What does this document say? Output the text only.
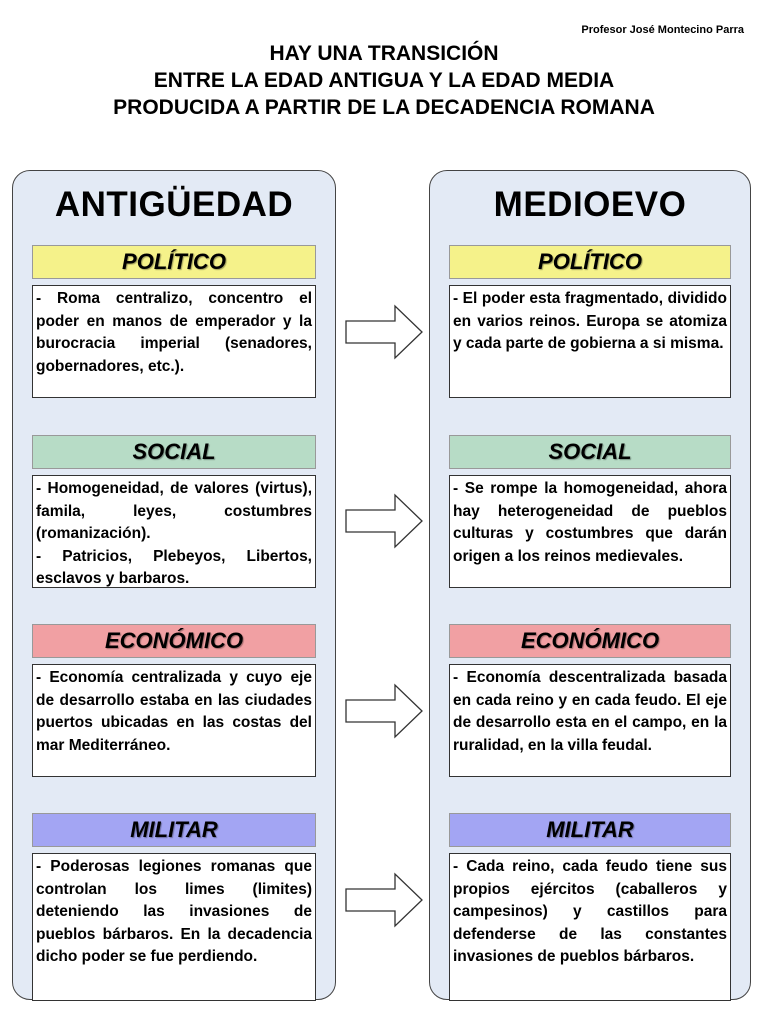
Profesor José Montecino Parra
HAY UNA TRANSICIÓN
ENTRE LA EDAD ANTIGUA Y LA EDAD MEDIA
PRODUCIDA A PARTIR DE LA DECADENCIA ROMANA
ANTIGÜEDAD
POLÍTICO
- Roma centralizo, concentro el poder en manos de emperador y la burocracia imperial (senadores, gobernadores, etc.).
SOCIAL
- Homogeneidad, de valores (virtus), famila, leyes, costumbres (romanización).
- Patricios, Plebeyos, Libertos, esclavos y barbaros.
ECONÓMICO
- Economía centralizada y cuyo eje de desarrollo estaba en las ciudades puertos ubicadas en las costas del mar Mediterráneo.
MILITAR
- Poderosas legiones romanas que controlan los limes (limites) deteniendo las invasiones de pueblos bárbaros. En la decadencia dicho poder se fue perdiendo.
MEDIOEVO
POLÍTICO
- El poder esta fragmentado, dividido en varios reinos. Europa se atomiza y cada parte de gobierna a si misma.
SOCIAL
- Se rompe la homogeneidad, ahora hay heterogeneidad de pueblos culturas y costumbres que darán origen a los reinos medievales.
ECONÓMICO
- Economía descentralizada basada en cada reino y en cada feudo. El eje de desarrollo esta en el campo, en la ruralidad, en la villa feudal.
MILITAR
- Cada reino, cada feudo tiene sus propios ejércitos (caballeros y campesinos) y castillos para defenderse de las constantes invasiones de pueblos bárbaros.
